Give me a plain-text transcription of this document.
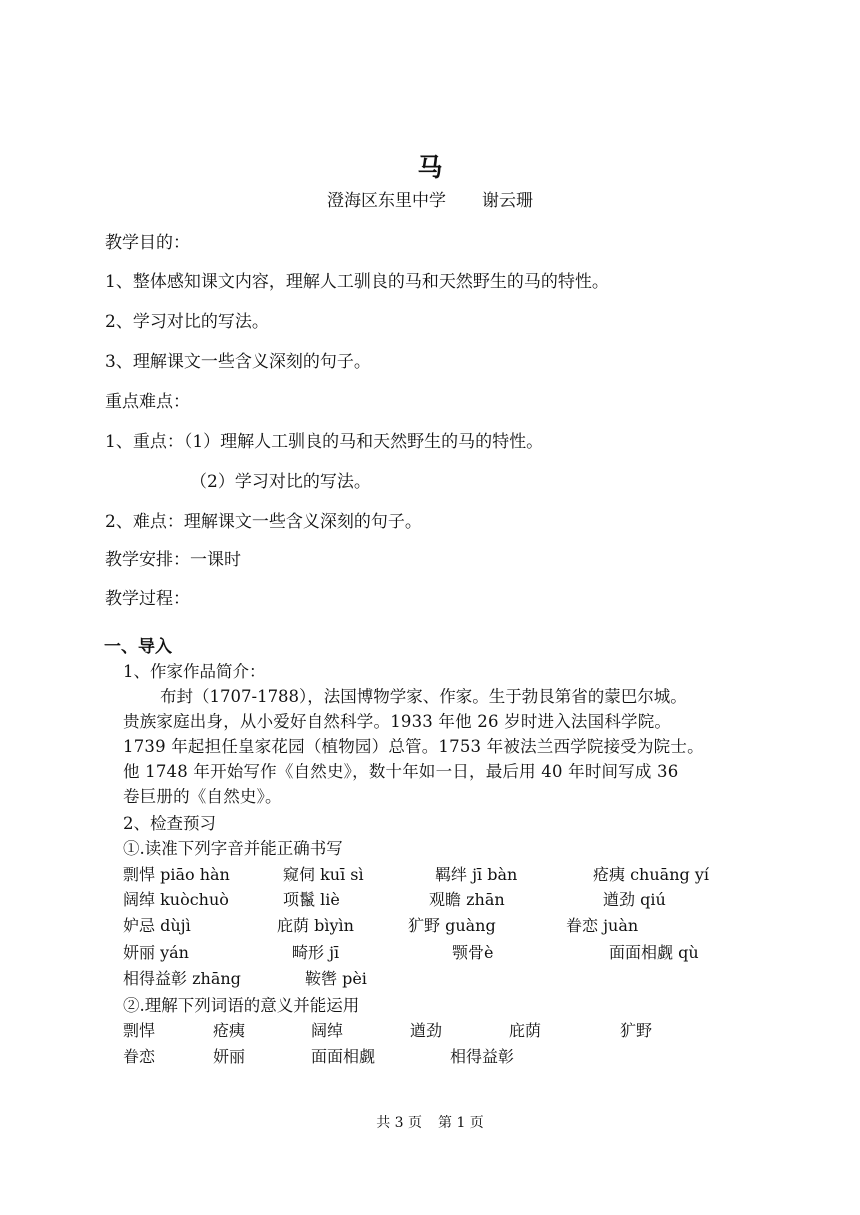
马
澄海区东里中学 谢云珊
教学目的：
1、整体感知课文内容，理解人工驯良的马和天然野生的马的特性。
2、学习对比的写法。
3、理解课文一些含义深刻的句子。
重点难点：
1、重点：（1）理解人工驯良的马和天然野生的马的特性。
（2）学习对比的写法。
2、难点：理解课文一些含义深刻的句子。
教学安排：一课时
教学过程：
一、导入
1、作家作品简介：
布封（1707-1788），法国博物学家、作家。生于勃艮第省的蒙巴尔城。
贵族家庭出身，从小爱好自然科学。1933 年他 26 岁时进入法国科学院。
1739 年起担任皇家花园（植物园）总管。1753 年被法兰西学院接受为院士。
他 1748 年开始写作《自然史》，数十年如一日，最后用 40 年时间写成 36
卷巨册的《自然史》。
2、检查预习
①.读准下列字音并能正确书写
剽悍 piāo hàn	窥伺 kuī sì	羁绊 jī bàn	疮痍 chuāng yí
阔绰 kuòchuò	项鬣 liè	观瞻 zhān	遒劲 qiú
妒忌 dùjì	庇荫 bìyìn	犷野 guàng	眷恋 juàn
妍丽 yán	畸形 jī	颚骨è	面面相觑 qù
相得益彰 zhāng	鞍辔 pèi
②.理解下列词语的意义并能运用
剽悍	疮痍	阔绰	遒劲	庇荫	犷野
眷恋	妍丽	面面相觑	相得益彰
共 3 页 第 1 页
